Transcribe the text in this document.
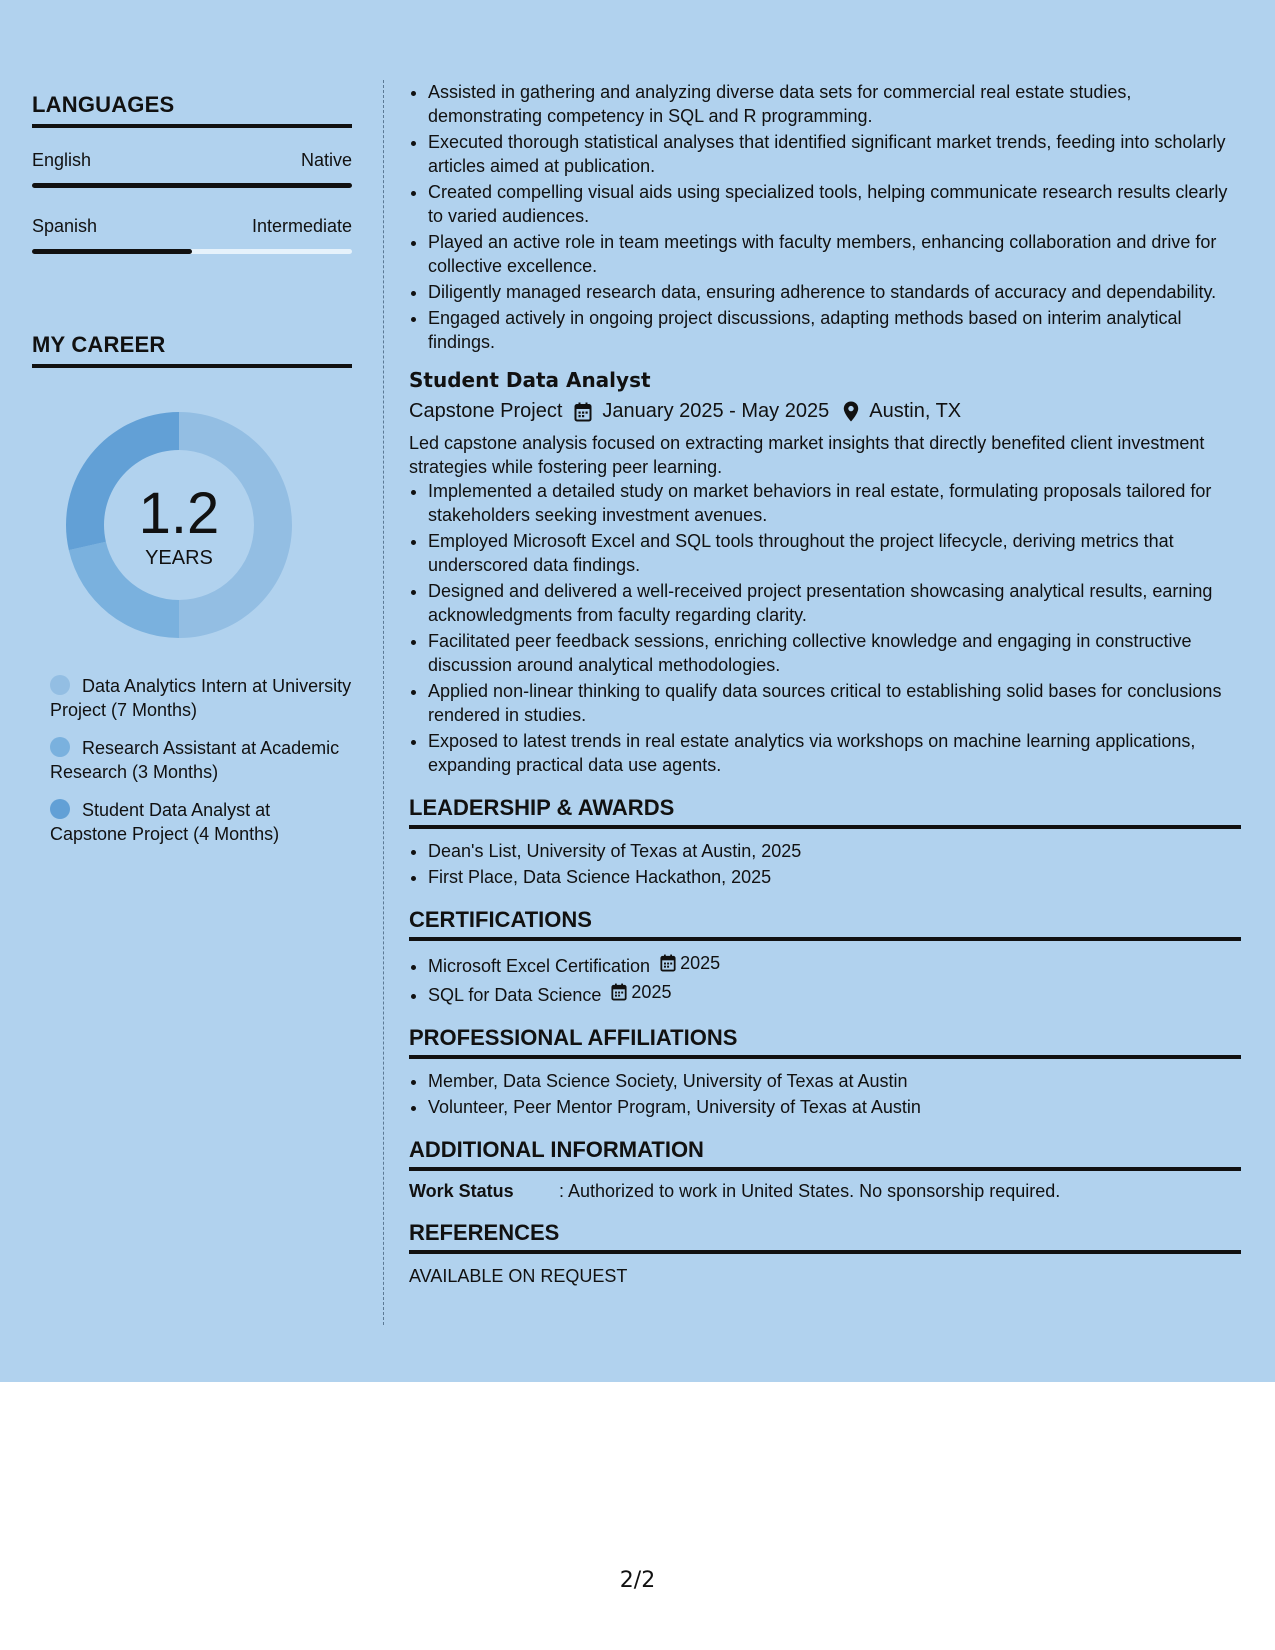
LANGUAGES
English	Native
Spanish	Intermediate
MY CAREER
1.2
YEARS
Data Analytics Intern at University Project (7 Months)
Research Assistant at Academic Research (3 Months)
Student Data Analyst at Capstone Project (4 Months)
• Assisted in gathering and analyzing diverse data sets for commercial real estate studies, demonstrating competency in SQL and R programming.
• Executed thorough statistical analyses that identified significant market trends, feeding into scholarly articles aimed at publication.
• Created compelling visual aids using specialized tools, helping communicate research results clearly to varied audiences.
• Played an active role in team meetings with faculty members, enhancing collaboration and drive for collective excellence.
• Diligently managed research data, ensuring adherence to standards of accuracy and dependability.
• Engaged actively in ongoing project discussions, adapting methods based on interim analytical findings.
Student Data Analyst
Capstone Project January 2025 - May 2025 Austin, TX
Led capstone analysis focused on extracting market insights that directly benefited client investment strategies while fostering peer learning.
• Implemented a detailed study on market behaviors in real estate, formulating proposals tailored for stakeholders seeking investment avenues.
• Employed Microsoft Excel and SQL tools throughout the project lifecycle, deriving metrics that underscored data findings.
• Designed and delivered a well-received project presentation showcasing analytical results, earning acknowledgments from faculty regarding clarity.
• Facilitated peer feedback sessions, enriching collective knowledge and engaging in constructive discussion around analytical methodologies.
• Applied non-linear thinking to qualify data sources critical to establishing solid bases for conclusions rendered in studies.
• Exposed to latest trends in real estate analytics via workshops on machine learning applications, expanding practical data use agents.
LEADERSHIP & AWARDS
• Dean's List, University of Texas at Austin, 2025
• First Place, Data Science Hackathon, 2025
CERTIFICATIONS
• Microsoft Excel Certification 2025
• SQL for Data Science 2025
PROFESSIONAL AFFILIATIONS
• Member, Data Science Society, University of Texas at Austin
• Volunteer, Peer Mentor Program, University of Texas at Austin
ADDITIONAL INFORMATION
Work Status	: Authorized to work in United States. No sponsorship required.
REFERENCES
AVAILABLE ON REQUEST
2/2
